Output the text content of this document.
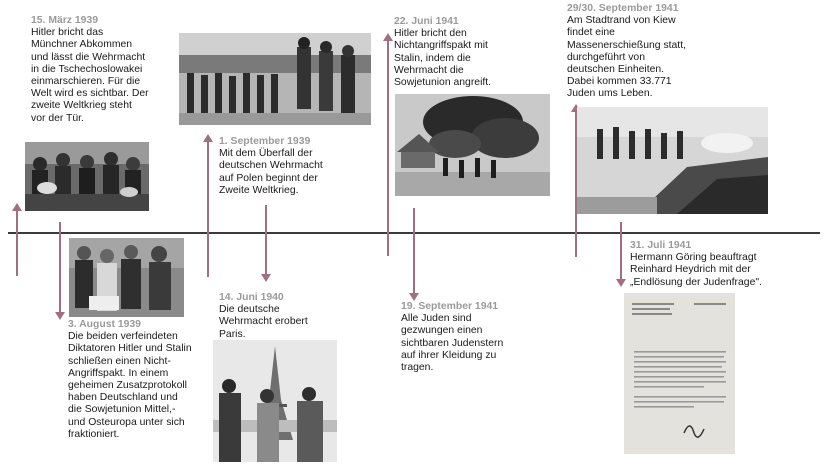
15. März 1939
Hitler bricht das Münchner Abkommen und lässt die Wehrmacht in die Tschechoslowakei einmarschieren. Für die Welt wird es sichtbar. Der zweite Weltkrieg steht vor der Tür.
3. August 1939
Die beiden verfeindeten Diktatoren Hitler und Stalin schließen einen Nicht-Angriffspakt. In einem geheimen Zusatzprotokoll haben Deutschland und die Sowjetunion Mittel,- und Osteuropa unter sich fraktioniert.
1. September 1939
Mit dem Überfall der deutschen Wehrmacht auf Polen beginnt der Zweite Weltkrieg.
14. Juni 1940
Die deutsche Wehrmacht erobert Paris.
22. Juni 1941
Hitler bricht den Nichtangriffspakt mit Stalin, indem die Wehrmacht die Sowjetunion angreift.
19. September 1941
Alle Juden sind gezwungen einen sichtbaren Judenstern auf ihrer Kleidung zu tragen.
29/30. September 1941
Am Stadtrand von Kiew findet eine Massenerschießung statt, durchgeführt von deutschen Einheiten. Dabei kommen 33.771 Juden ums Leben.
31. Juli 1941
Hermann Göring beauftragt Reinhard Heydrich mit der „Endlösung der Judenfrage".
